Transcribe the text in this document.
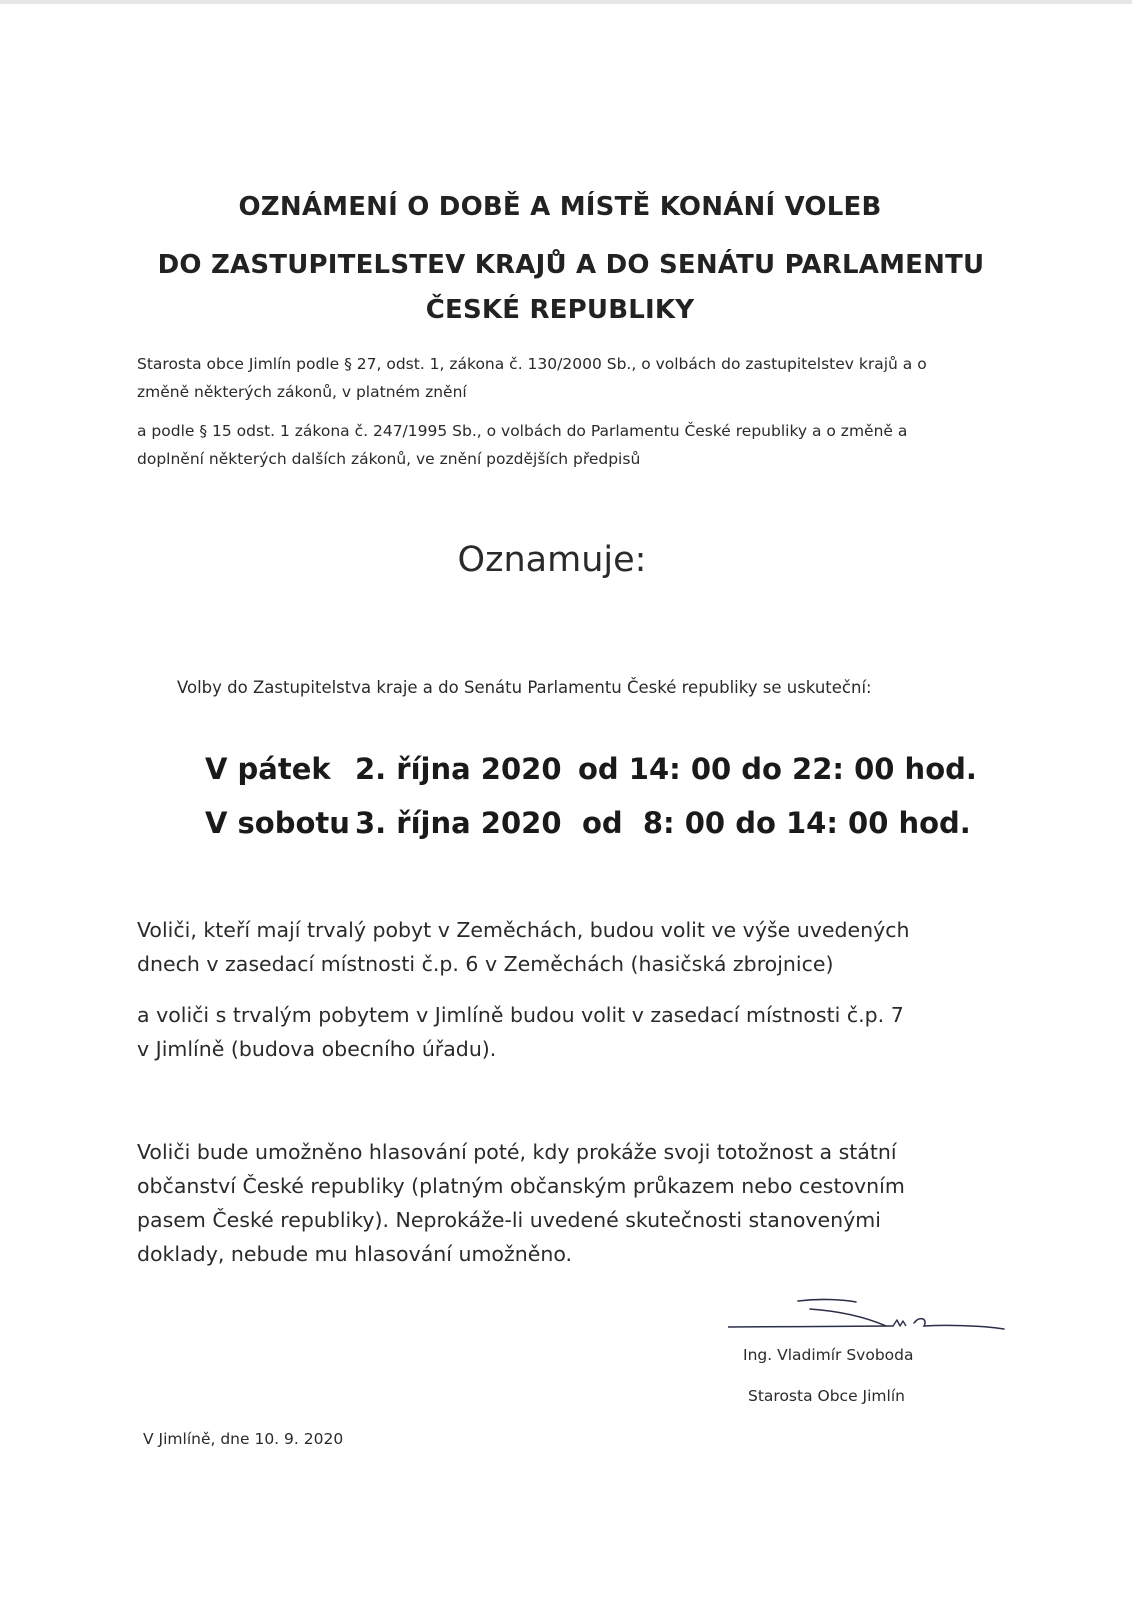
OZNÁMENÍ O DOBĚ A MÍSTĚ KONÁNÍ VOLEB
DO ZASTUPITELSTEV KRAJŮ A DO SENÁTU PARLAMENTU
ČESKÉ REPUBLIKY
Starosta obce Jimlín podle § 27, odst. 1, zákona č. 130/2000 Sb., o volbách do zastupitelstev krajů a o
změně některých zákonů, v platném znění
a podle § 15 odst. 1 zákona č. 247/1995 Sb., o volbách do Parlamentu České republiky a o změně a
doplnění některých dalších zákonů, ve znění pozdějších předpisů
Oznamuje:
Volby do Zastupitelstva kraje a do Senátu Parlamentu České republiky se uskuteční:
V pátek 2. října 2020 od 14: 00 do 22: 00 hod.
V sobotu 3. října 2020 od  8: 00 do 14: 00 hod.
Voliči, kteří mají trvalý pobyt v Zeměchách, budou volit ve výše uvedených
dnech v zasedací místnosti č.p. 6 v Zeměchách (hasičská zbrojnice)
a voliči s trvalým pobytem v Jimlíně budou volit v zasedací místnosti č.p. 7
v Jimlíně (budova obecního úřadu).
Voliči bude umožněno hlasování poté, kdy prokáže svoji totožnost a státní
občanství České republiky (platným občanským průkazem nebo cestovním
pasem České republiky). Neprokáže-li uvedené skutečnosti stanovenými
doklady, nebude mu hlasování umožněno.
Ing. Vladimír Svoboda
Starosta Obce Jimlín
V Jimlíně, dne 10. 9. 2020
